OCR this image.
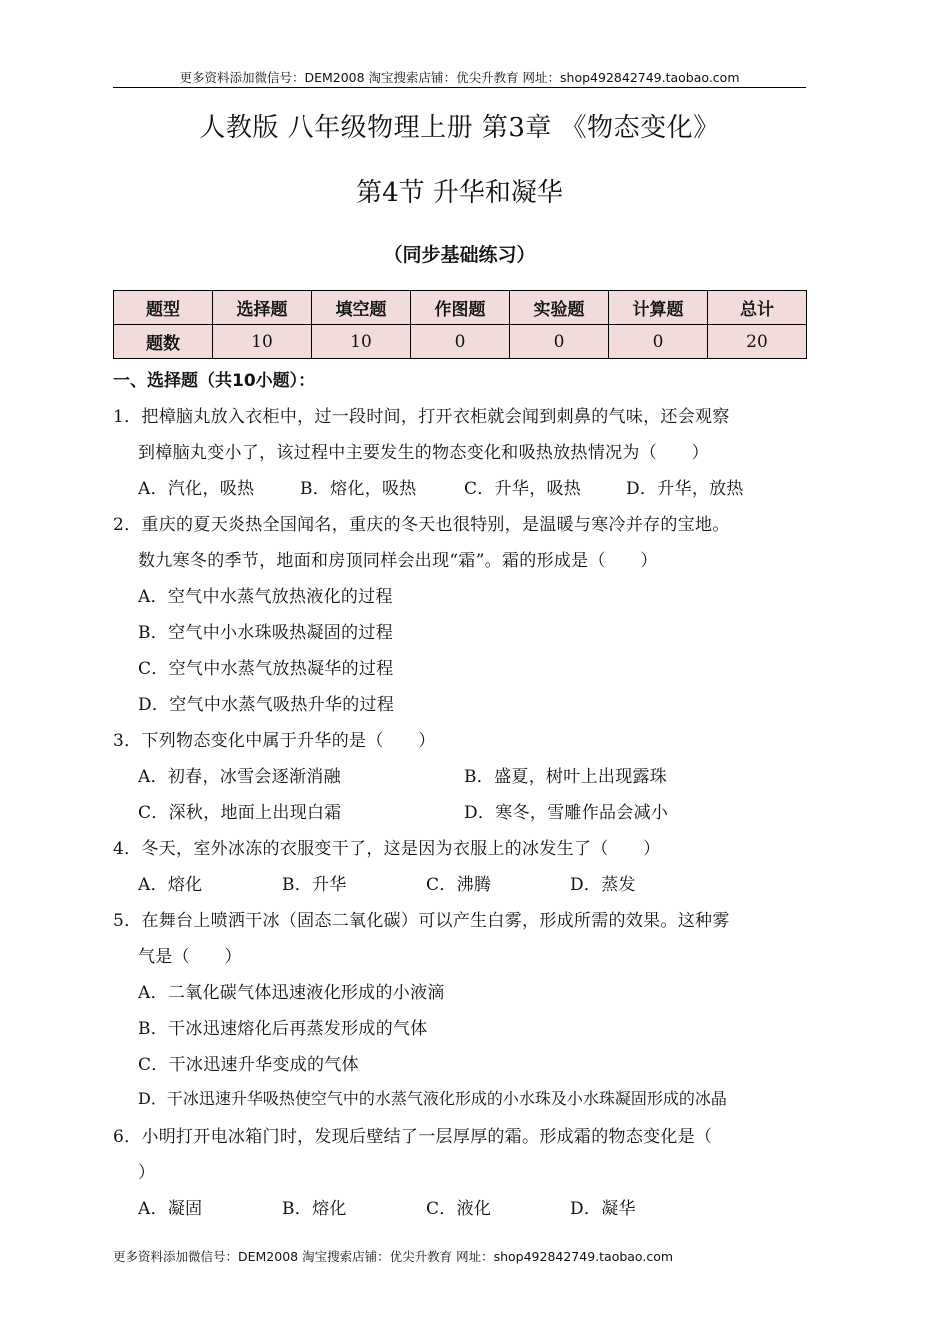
更多资料添加微信号：DEM2008 淘宝搜索店铺：优尖升教育 网址：shop492842749.taobao.com
人教版 八年级物理上册 第3章 《物态变化》
第4节 升华和凝华
（同步基础练习）
题型	选择题	填空题	作图题	实验题	计算题	总计
题数	10	10	0	0	0	20
一、选择题（共10小题）：
1．把樟脑丸放入衣柜中，过一段时间，打开衣柜就会闻到刺鼻的气味，还会观察
到樟脑丸变小了，该过程中主要发生的物态变化和吸热放热情况为（　　）
A．汽化，吸热	B．熔化，吸热	C．升华，吸热	D．升华，放热
2．重庆的夏天炎热全国闻名，重庆的冬天也很特别，是温暖与寒冷并存的宝地。
数九寒冬的季节，地面和房顶同样会出现“霜”。霜的形成是（　　）
A．空气中水蒸气放热液化的过程
B．空气中小水珠吸热凝固的过程
C．空气中水蒸气放热凝华的过程
D．空气中水蒸气吸热升华的过程
3．下列物态变化中属于升华的是（　　）
A．初春，冰雪会逐渐消融	B．盛夏，树叶上出现露珠
C．深秋，地面上出现白霜	D．寒冬，雪雕作品会减小
4．冬天，室外冰冻的衣服变干了，这是因为衣服上的冰发生了（　　）
A．熔化	B．升华	C．沸腾	D．蒸发
5．在舞台上喷洒干冰（固态二氧化碳）可以产生白雾，形成所需的效果。这种雾
气是（　　）
A．二氧化碳气体迅速液化形成的小液滴
B．干冰迅速熔化后再蒸发形成的气体
C．干冰迅速升华变成的气体
D．干冰迅速升华吸热使空气中的水蒸气液化形成的小水珠及小水珠凝固形成的冰晶
6．小明打开电冰箱门时，发现后壁结了一层厚厚的霜。形成霜的物态变化是（
）
A．凝固	B．熔化	C．液化	D．凝华
更多资料添加微信号：DEM2008 淘宝搜索店铺：优尖升教育 网址：shop492842749.taobao.com
